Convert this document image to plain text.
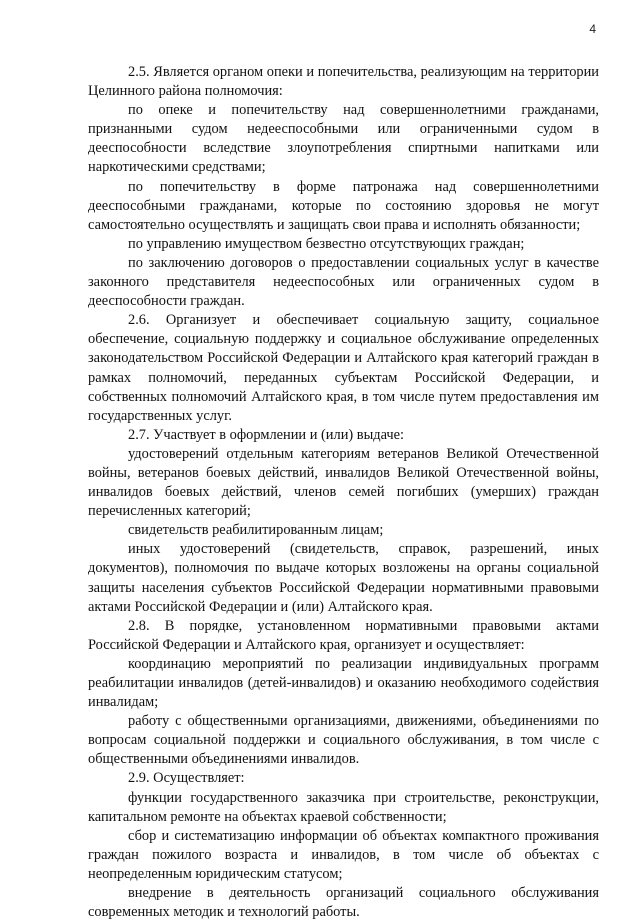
4

2.5. Является органом опеки и попечительства, реализующим на территории Целинного района полномочия:

по опеке и попечительству над совершеннолетними гражданами, признанными судом недееспособными или ограниченными судом в дееспособности вследствие злоупотребления спиртными напитками или наркотическими средствами;

по попечительству в форме патронажа над совершеннолетними дееспособными гражданами, которые по состоянию здоровья не могут самостоятельно осуществлять и защищать свои права и исполнять обязанности;

по управлению имуществом безвестно отсутствующих граждан;

по заключению договоров о предоставлении социальных услуг в качестве законного представителя недееспособных или ограниченных судом в дееспособности граждан.

2.6. Организует и обеспечивает социальную защиту, социальное обеспечение, социальную поддержку и социальное обслуживание определенных законодательством Российской Федерации и Алтайского края категорий граждан в рамках полномочий, переданных субъектам Российской Федерации, и собственных полномочий Алтайского края, в том числе путем предоставления им государственных услуг.

2.7. Участвует в оформлении и (или) выдаче:

удостоверений отдельным категориям ветеранов Великой Отечественной войны, ветеранов боевых действий, инвалидов Великой Отечественной войны, инвалидов боевых действий, членов семей погибших (умерших) граждан перечисленных категорий;

свидетельств реабилитированным лицам;

иных удостоверений (свидетельств, справок, разрешений, иных документов), полномочия по выдаче которых возложены на органы социальной защиты населения субъектов Российской Федерации нормативными правовыми актами Российской Федерации и (или) Алтайского края.

2.8. В порядке, установленном нормативными правовыми актами Российской Федерации и Алтайского края, организует и осуществляет:

координацию мероприятий по реализации индивидуальных программ реабилитации инвалидов (детей-инвалидов) и оказанию необходимого содействия инвалидам;

работу с общественными организациями, движениями, объединениями по вопросам социальной поддержки и социального обслуживания, в том числе с общественными объединениями инвалидов.

2.9. Осуществляет:

функции государственного заказчика при строительстве, реконструкции, капитальном ремонте на объектах краевой собственности;

сбор и систематизацию информации об объектах компактного проживания граждан пожилого возраста и инвалидов, в том числе об объектах с неопределенным юридическим статусом;

внедрение в деятельность организаций социального обслуживания современных методик и технологий работы.
